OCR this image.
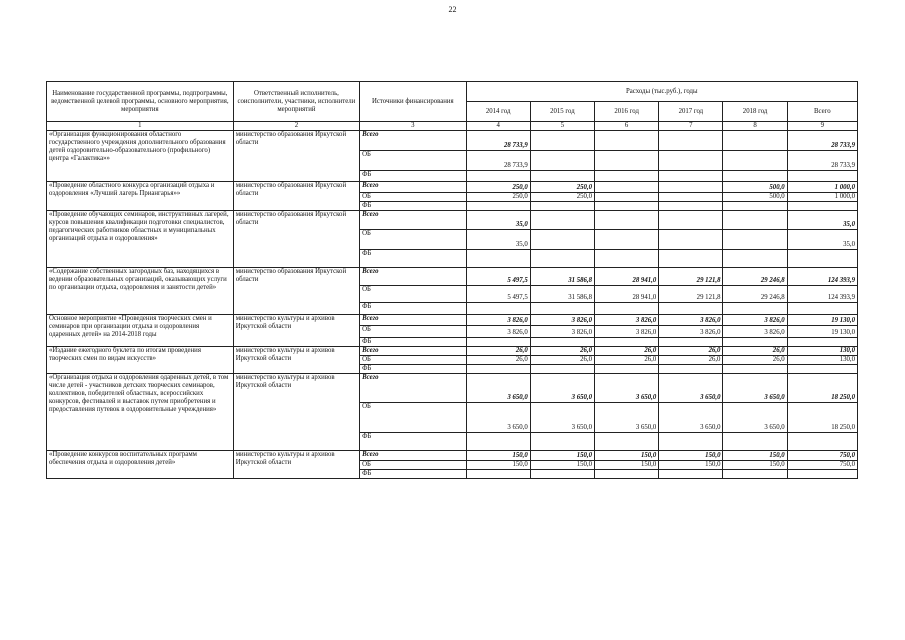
22
Наименование государственной программы, подпрограммы, ведомственной целевой программы, основного мероприятия, мероприятия	Ответственный исполнитель, соисполнители, участники, исполнители мероприятий	Источники финансирования	Расходы (тыс.руб.), годы					
			2014 год	2015 год	2016 год	2017 год	2018 год	Всего
1	2	3	4	5	6	7	8	9
«Организация функционирования областного государственного учреждения дополнительного образования детей оздоровительно-образовательного (профильного) центра «Галактика»»	министерство образования Иркутской области	Всего	28 733,9					28 733,9
		ОБ	28 733,9					28 733,9
		ФБ						
«Проведение областного конкурса организаций отдыха и оздоровления «Лучший лагерь Приангарья»»	министерство образования Иркутской области	Всего	250,0	250,0			500,0	1 000,0
		ОБ	250,0	250,0			500,0	1 000,0
		ФБ						
«Проведение обучающих семинаров, инструктивных лагерей, курсов повышения квалификации подготовки специалистов, педагогических работников областных и муниципальных организаций отдыха и оздоровления»	министерство образования Иркутской области	Всего	35,0					35,0
		ОБ	35,0					35,0
		ФБ						
«Содержание собственных загородных баз, находящихся в ведении образовательных организаций, оказывающих услуги по организации отдыха, оздоровления и занятости детей»	министерство образования Иркутской области	Всего	5 497,5	31 586,8	28 941,0	29 121,8	29 246,8	124 393,9
		ОБ	5 497,5	31 586,8	28 941,0	29 121,8	29 246,8	124 393,9
		ФБ						
Основное мероприятие «Проведения творческих смен и семинаров при организации отдыха и оздоровления одаренных детей» на 2014-2018 годы	министерство культуры и архивов Иркутской области	Всего	3 826,0	3 826,0	3 826,0	3 826,0	3 826,0	19 130,0
		ОБ	3 826,0	3 826,0	3 826,0	3 826,0	3 826,0	19 130,0
		ФБ						
«Издание ежегодного буклета по итогам проведения творческих смен по видам искусств»	министерство культуры и архивов Иркутской области	Всего	26,0	26,0	26,0	26,0	26,0	130,0
		ОБ	26,0	26,0	26,0	26,0	26,0	130,0
		ФБ						
«Организация отдыха и оздоровления одаренных детей, в том числе детей - участников детских творческих семинаров, коллективов, победителей областных, всероссийских конкурсов, фестивалей и выставок путем приобретения и предоставления путевок в оздоровительные учреждения»	министерство культуры и архивов Иркутской области	Всего	3 650,0	3 650,0	3 650,0	3 650,0	3 650,0	18 250,0
		ОБ	3 650,0	3 650,0	3 650,0	3 650,0	3 650,0	18 250,0
		ФБ						
«Проведение конкурсов воспитательных программ обеспечения отдыха и оздоровления детей»	министерство культуры и архивов Иркутской области	Всего	150,0	150,0	150,0	150,0	150,0	750,0
		ОБ	150,0	150,0	150,0	150,0	150,0	750,0
		ФБ						
